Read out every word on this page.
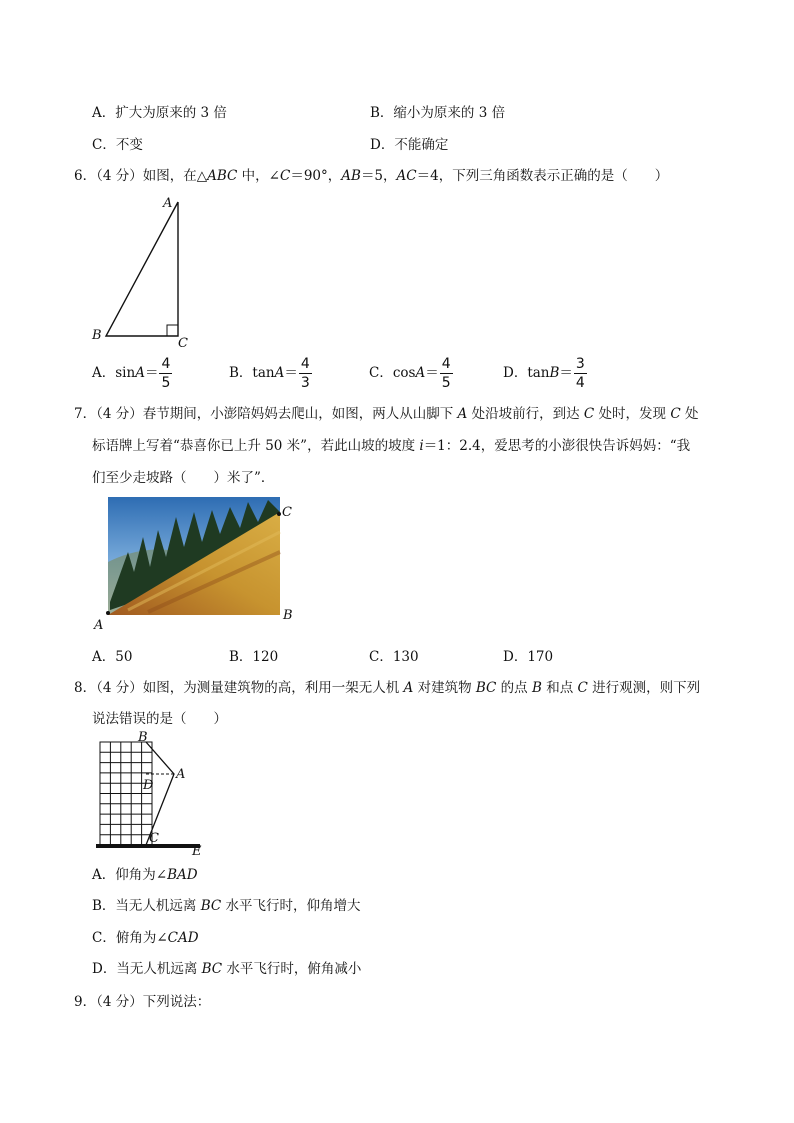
A．扩大为原来的 3 倍	B．缩小为原来的 3 倍
C．不变	D．不能确定
6．（4 分）如图，在△ABC 中，∠C＝90°，AB＝5，AC＝4，下列三角函数表示正确的是（　　）
A
B
C
A．$\sin A= \frac{4}{5}$	B．$\tan A= \frac{4}{3}$	C．$\cos A= \frac{4}{5}$	D．$\tan B= \frac{3}{4}$
7．（4 分）春节期间，小澎陪妈妈去爬山，如图，两人从山脚下 A 处沿坡前行，到达 C 处时，发现 C 处
标语牌上写着“恭喜你已上升 50 米”，若此山坡的坡度 i＝1：2.4，爱思考的小澎很快告诉妈妈：“我
们至少走坡路（　　）米了”．
A
B
C
A．50	B．120	C．130	D．170
8．（4 分）如图，为测量建筑物的高，利用一架无人机 A 对建筑物 BC 的点 B 和点 C 进行观测，则下列
说法错误的是（　　）
B
A
D
C
E
A．仰角为∠BAD
B．当无人机远离 BC 水平飞行时，仰角增大
C．俯角为∠CAD
D．当无人机远离 BC 水平飞行时，俯角减小
9．（4 分）下列说法：
